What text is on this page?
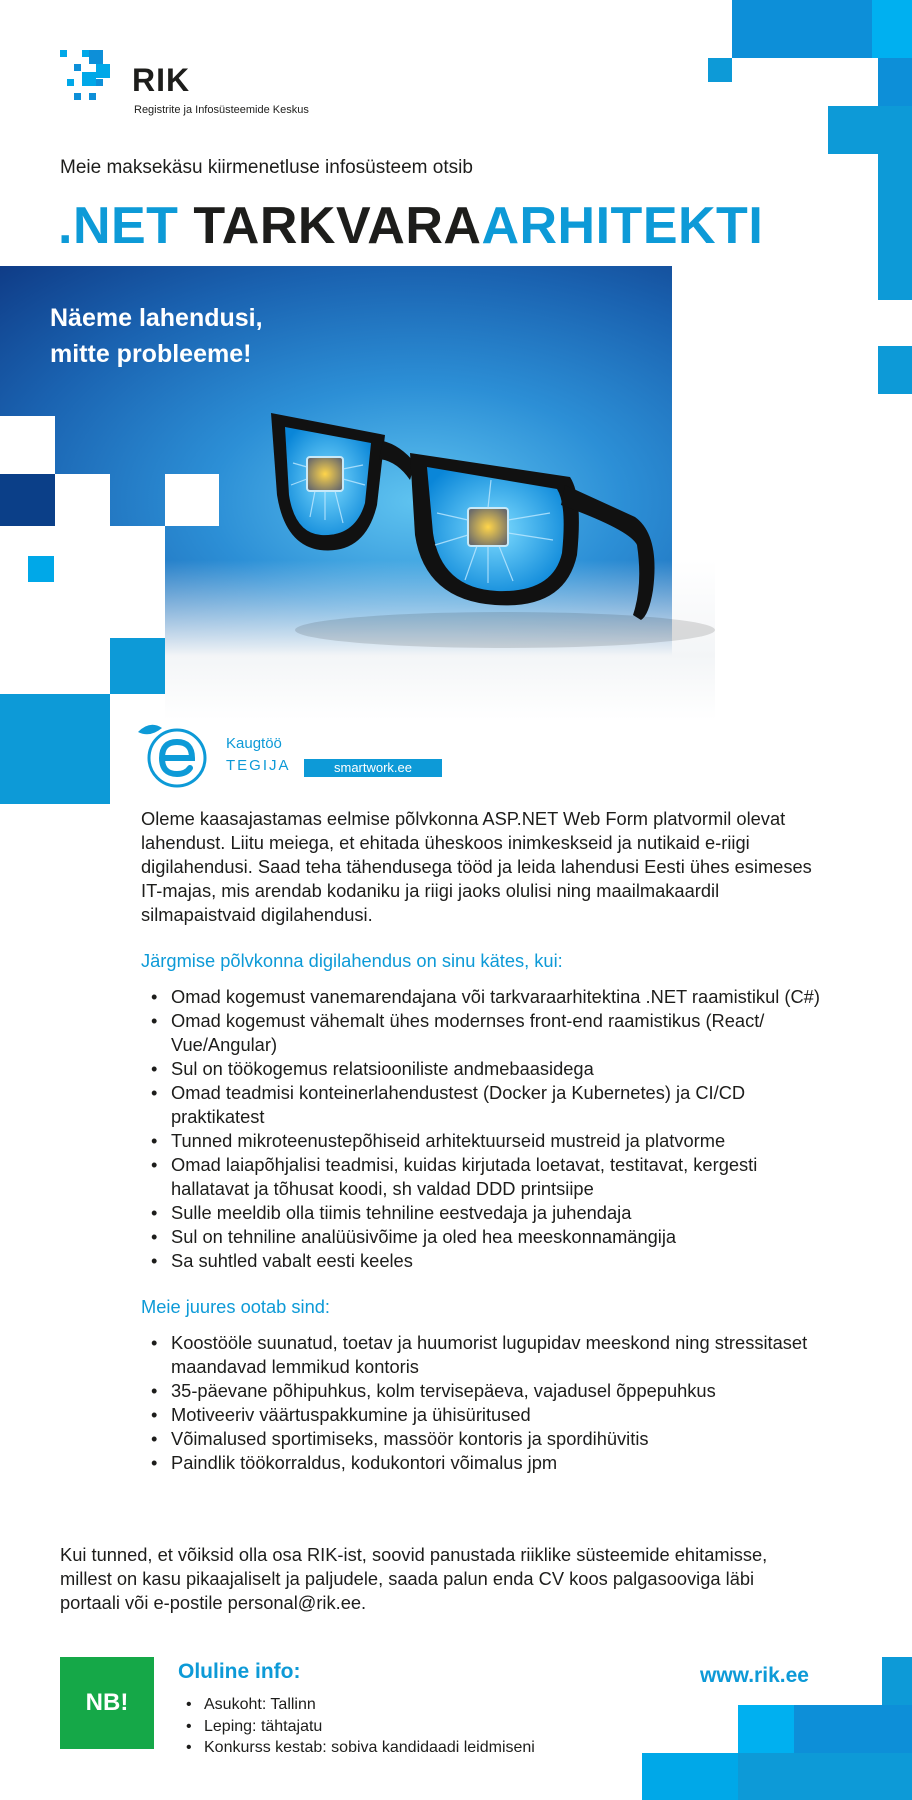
RIK
Registrite ja Infosüsteemide Keskus
Meie maksekäsu kiirmenetluse infosüsteem otsib
.NET TARKVARAARHITEKTI
Näeme lahendusi,
mitte probleeme!
Kaugtöö
TEGIJA	smartwork.ee

Oleme kaasajastamas eelmise põlvkonna ASP.NET Web Form platvormil olevat lahendust. Liitu meiega, et ehitada üheskoos inimkeskseid ja nutikaid e-riigi digilahendusi. Saad teha tähendusega tööd ja leida lahendusi Eesti ühes esimeses IT-majas, mis arendab kodaniku ja riigi jaoks olulisi ning maailmakaardil silmapaistvaid digilahendusi.

Järgmise põlvkonna digilahendus on sinu kätes, kui:

• Omad kogemust vanemarendajana või tarkvaraarhitektina .NET raamistikul (C#)
• Omad kogemust vähemalt ühes modernses front-end raamistikus (React/ Vue/Angular)
• Sul on töökogemus relatsiooniliste andmebaasidega
• Omad teadmisi konteinerlahendustest (Docker ja Kubernetes) ja CI/CD praktikatest
• Tunned mikroteenustepõhiseid arhitektuurseid mustreid ja platvorme
• Omad laiapõhjalisi teadmisi, kuidas kirjutada loetavat, testitavat, kergesti hallatavat ja tõhusat koodi, sh valdad DDD printsiipe
• Sulle meeldib olla tiimis tehniline eestvedaja ja juhendaja
• Sul on tehniline analüüsivõime ja oled hea meeskonnamängija
• Sa suhtled vabalt eesti keeles

Meie juures ootab sind:

• Koostööle suunatud, toetav ja huumorist lugupidav meeskond ning stressitaset maandavad lemmikud kontoris
• 35-päevane põhipuhkus, kolm tervisepäeva, vajadusel õppepuhkus
• Motiveeriv väärtuspakkumine ja ühisüritused
• Võimalused sportimiseks, massöör kontoris ja spordihüvitis
• Paindlik töökorraldus, kodukontori võimalus jpm
Kui tunned, et võiksid olla osa RIK-ist, soovid panustada riiklike süsteemide ehitamisse, millest on kasu pikaajaliselt ja paljudele, saada palun enda CV koos palgasooviga läbi portaali või e-postile personal@rik.ee.
NB!
Oluline info:
• Asukoht: Tallinn
• Leping: tähtajatu
• Konkurss kestab: sobiva kandidaadi leidmiseni
www.rik.ee
